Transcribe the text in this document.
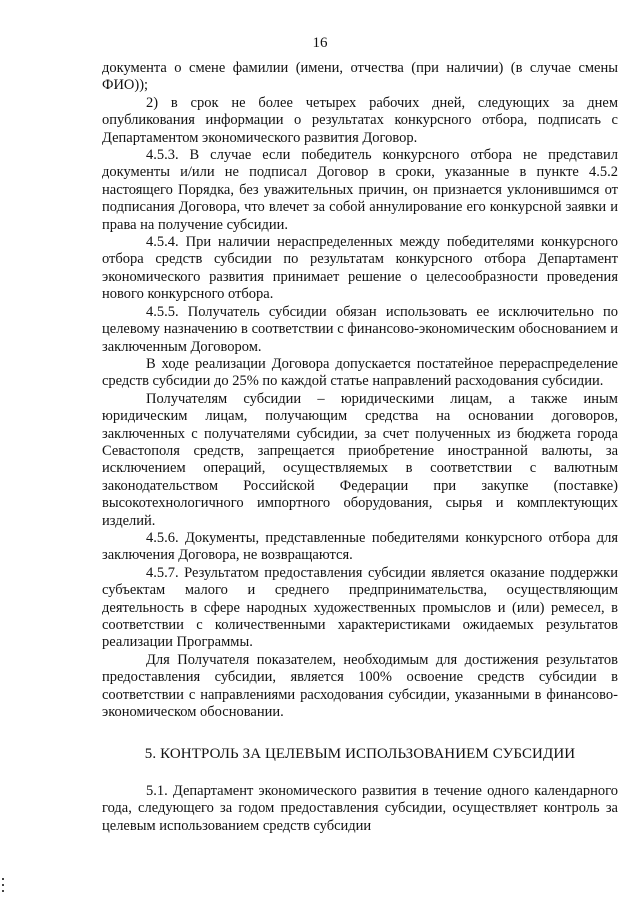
16

документа о смене фамилии (имени, отчества (при наличии) (в случае смены ФИО));

2) в срок не более четырех рабочих дней, следующих за днем опубликования информации о результатах конкурсного отбора, подписать с Департаментом экономического развития Договор.

4.5.3. В случае если победитель конкурсного отбора не представил документы и/или не подписал Договор в сроки, указанные в пункте 4.5.2 настоящего Порядка, без уважительных причин, он признается уклонившимся от подписания Договора, что влечет за собой аннулирование его конкурсной заявки и права на получение субсидии.

4.5.4. При наличии нераспределенных между победителями конкурсного отбора средств субсидии по результатам конкурсного отбора Департамент экономического развития принимает решение о целесообразности проведения нового конкурсного отбора.

4.5.5. Получатель субсидии обязан использовать ее исключительно по целевому назначению в соответствии с финансово-экономическим обоснованием и заключенным Договором.

В ходе реализации Договора допускается постатейное перераспределение средств субсидии до 25% по каждой статье направлений расходования субсидии.

Получателям субсидии – юридическими лицам, а также иным юридическим лицам, получающим средства на основании договоров, заключенных с получателями субсидии, за счет полученных из бюджета города Севастополя средств, запрещается приобретение иностранной валюты, за исключением операций, осуществляемых в соответствии с валютным законодательством Российской Федерации при закупке (поставке) высокотехнологичного импортного оборудования, сырья и комплектующих изделий.

4.5.6. Документы, представленные победителями конкурсного отбора для заключения Договора, не возвращаются.

4.5.7. Результатом предоставления субсидии является оказание поддержки субъектам малого и среднего предпринимательства, осуществляющим деятельность в сфере народных художественных промыслов и (или) ремесел, в соответствии с количественными характеристиками ожидаемых результатов реализации Программы.

Для Получателя показателем, необходимым для достижения результатов предоставления субсидии, является 100% освоение средств субсидии в соответствии с направлениями расходования субсидии, указанными в финансово-экономическом обосновании.

5. КОНТРОЛЬ ЗА ЦЕЛЕВЫМ ИСПОЛЬЗОВАНИЕМ СУБСИДИИ

5.1. Департамент экономического развития в течение одного календарного года, следующего за годом предоставления субсидии, осуществляет контроль за целевым использованием средств субсидии
